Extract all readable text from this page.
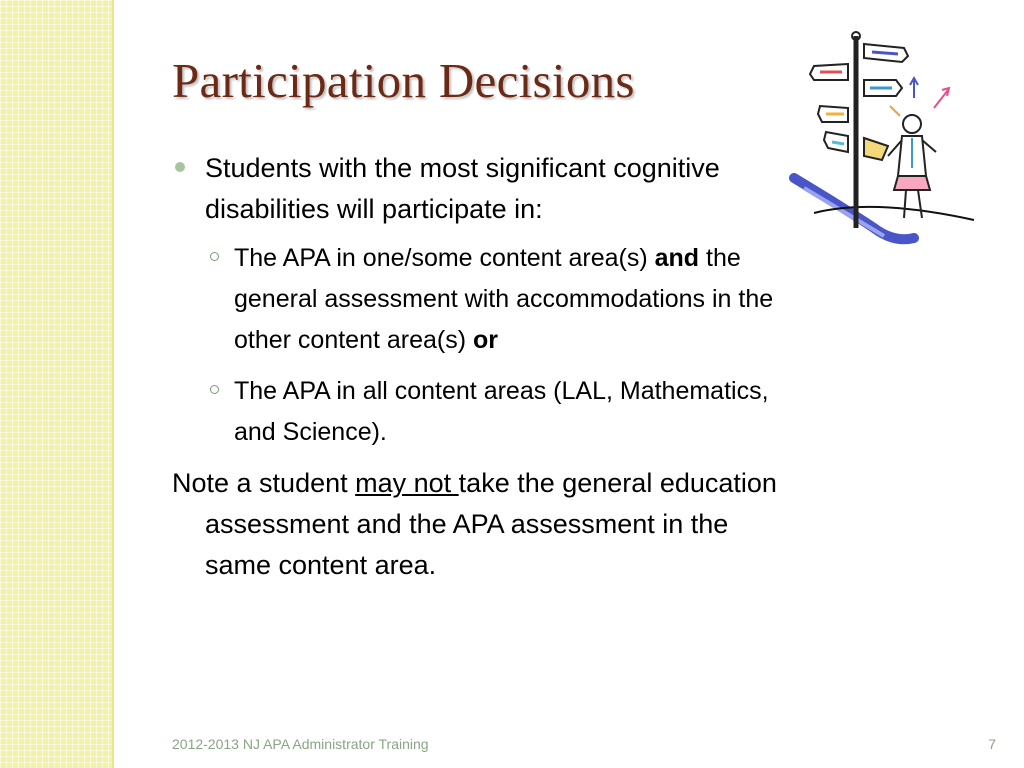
Participation Decisions
Students with the most significant cognitive disabilities will participate in:
The APA in one/some content area(s) and the general assessment with accommodations in the other content area(s) or
The APA in all content areas (LAL, Mathematics, and Science).
Note a student may not take the general education assessment and the APA assessment in the same content area.
2012-2013 NJ APA Administrator Training	7
